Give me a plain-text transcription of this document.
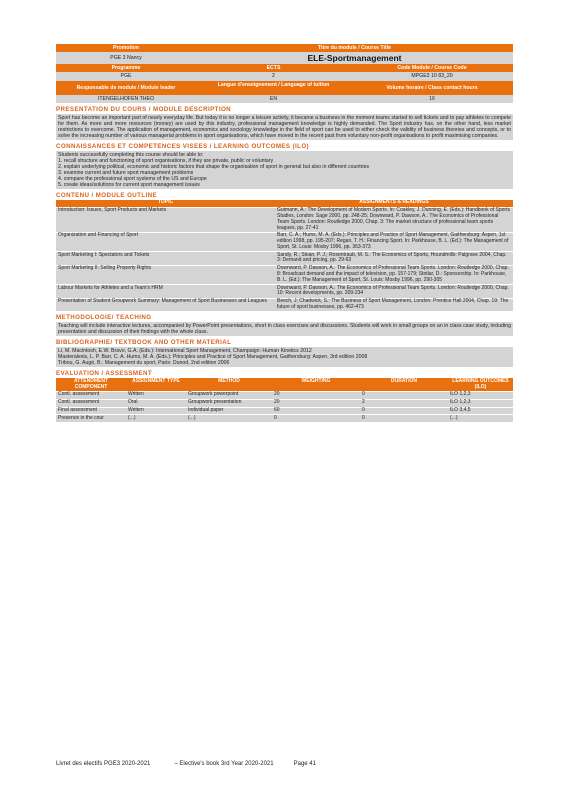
Promotion	Titre du module / Course Title
PGE 3 Nancy	ELE-Sportmanagement
Programme	ECTS	Code Module / Course Code
PGE	2	MPGE3 10 83_20
Responsable de module / Module leader	Langue d'enseignement / Language of tuition	Volume horaire / Class contact hours
ITENGELHOFEN THEO	EN	16
PRESENTATION DU COURS / MODULE DESCRIPTION
Sport has become an important part of nearly everyday life. But today it is no longer a leisure activity, it became a business in the moment teams started to sell tickets and to pay athletes to compete for them. As more and more resources (money) are used by this industry, professional management knowledge is highly demanded. The Sport industry has, on the other hand, less market restrictions to overcome. The application of management, economics and sociology knowledge in the field of sport can be used to either check the validity of business theories and concepts, or to solve the increasing number of various managerial problems in sport organisations, which have moved in the recent past from voluntary non-profit organisations to profit maximising companies.
CONNAISSANCES ET COMPETENCES VISEES / LEARNING OUTCOMES (ILO)

Students successfully completing this course should be able to:

1. recall structure and functioning of sport organisations, if they are private, public or voluntary

2. explain underlying political, economic and historic factors that shape the organisation of sport in general but also in different countries

3. examine current and future sport management problems

4. compare the professional sport systems of the US and Europe

5. create ideas/solutions for current sport management issues

CONTENU / MODULE OUTLINE
TOPIC	ASSIGNMENTS & READINGS
Introduction: Issues, Sport Products and Markets	Gutmann, A.: The Development of Modern Sports. In: Coakley, J. Dunning, E. (Eds.): Handbook of Sports Studies, London: Sage 2000, pp. 248-25; Downward, P. Dawson, A.: The Economics of Professional Team Sports. London: Routledge 2000, Chap. 3: The market structure of professional team sports leagues, pp. 27-41
Organization and Financing of Sport	Barr, C. A.; Hums, M. A. (Eds.): Principles and Practice of Sport Management, Gaithersburg: Aspen, 1st edition 1998, pp. 195-207; Regan, T. H.: Financing Sport. In: Parkhouse, B. L. (Ed.): The Management of Sport, St. Louis: Mosby 1996, pp. 363-373
Sport Marketing I: Spectators and Tickets	Sandy, R.; Sloan, P. J.; Rosentraub, M. S.: The Economics of Sports, Houndmills: Palgrave 2004, Chap. 3: Demand and pricing, pp. 29-63
Sport Marketing II: Selling Property Rights	Downward, P. Dawson, A.: The Economics of Professional Team Sports. London: Routledge 2000, Chap. 8: Broadcast demand and the impact of television, pp. 157-179; Stotlar, D.: Sponsorship. In: Parkhouse, B. L. (Ed.): The Management of Sport, St. Louis: Mosby 1996, pp. 290-305
Labour Markets for Athletes and a Team's HRM	Downward, P. Dawson, A.: The Economics of Professional Team Sports. London: Routledge 2000, Chap. 10: Recent developments, pp. 209-234
Presentation of Student Groupwork Summary: Management of Sport Businesses and Leagues	Beech, J; Chadwick, S.: The Business of Sport Management, London: Prentice Hall 2004, Chap. 19: The future of sport businesses, pp. 462-473
METHODOLOGIE/ TEACHING
Teaching will include interactive lectures, accompanied by PowerPoint presentations, short in class exercises and discussions. Students will work in small groups on an in class case study, including presentation and discussion of their findings with the whole class.
BIBLIOGRAPHIE/ TEXTBOOK AND OTHER MATERIAL

Li, M. Macintosh, E.W. Bravo, G.A. (Eds.): International Sport Management, Champaign: Human Kinetics 2012

Masteralexis, L. P. Barr, C. A. Hums, M. A. (Eds.): Principles and Practice of Sport Management, Gaithersburg: Aspen, 3rd edition 2008

Tribou, G. Augé, B.: Management du sport, Paris: Dunod, 2nd edition 2006

EVALUATION / ASSESSMENT
ATTENDMENT COMPONENT	ASSIGNMENT TYPE	METHOD	WEIGHTING	DURATION	LEARNING OUTCOMES (ILO)
Contl. assessment	Written	Groupwork powerpoint	20	0	ILO 1,2,3
Contl. assessment	Oral	Groupwork presentation	20	2	ILO 1,2,3
Final assessment	Written	Individual paper	60	0	ILO 3,4,5
Presence in the cour	(...)	(...)	0	0	(...)
Livret des electifs PGE3 2020-2021	– Elective's book 3rd Year 2020-2021	Page 41
